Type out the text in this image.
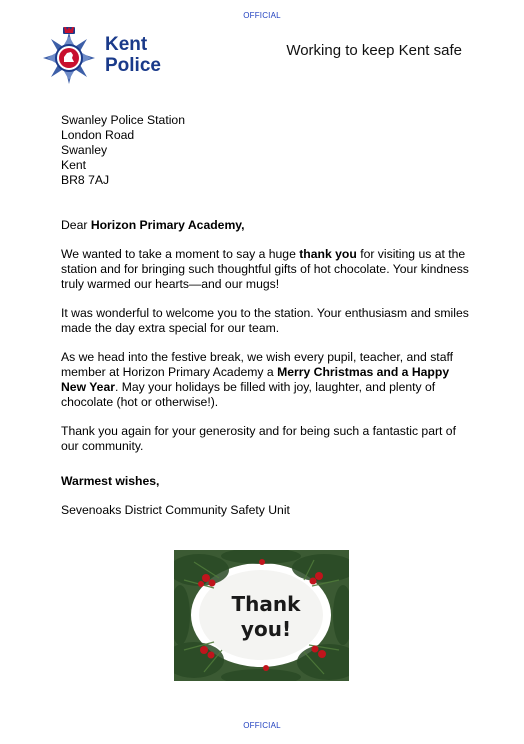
OFFICIAL
Kent
Police
Working to keep Kent safe
Swanley Police Station
London Road
Swanley
Kent
BR8 7AJ

Dear Horizon Primary Academy,

We wanted to take a moment to say a huge thank you for visiting us at the station and for bringing such thoughtful gifts of hot chocolate. Your kindness truly warmed our hearts—and our mugs!

It was wonderful to welcome you to the station. Your enthusiasm and smiles made the day extra special for our team.

As we head into the festive break, we wish every pupil, teacher, and staff member at Horizon Primary Academy a Merry Christmas and a Happy New Year. May your holidays be filled with joy, laughter, and plenty of chocolate (hot or otherwise!).

Thank you again for your generosity and for being such a fantastic part of our community.

Warmest wishes,

Sevenoaks District Community Safety Unit

Thank
you!
OFFICIAL
